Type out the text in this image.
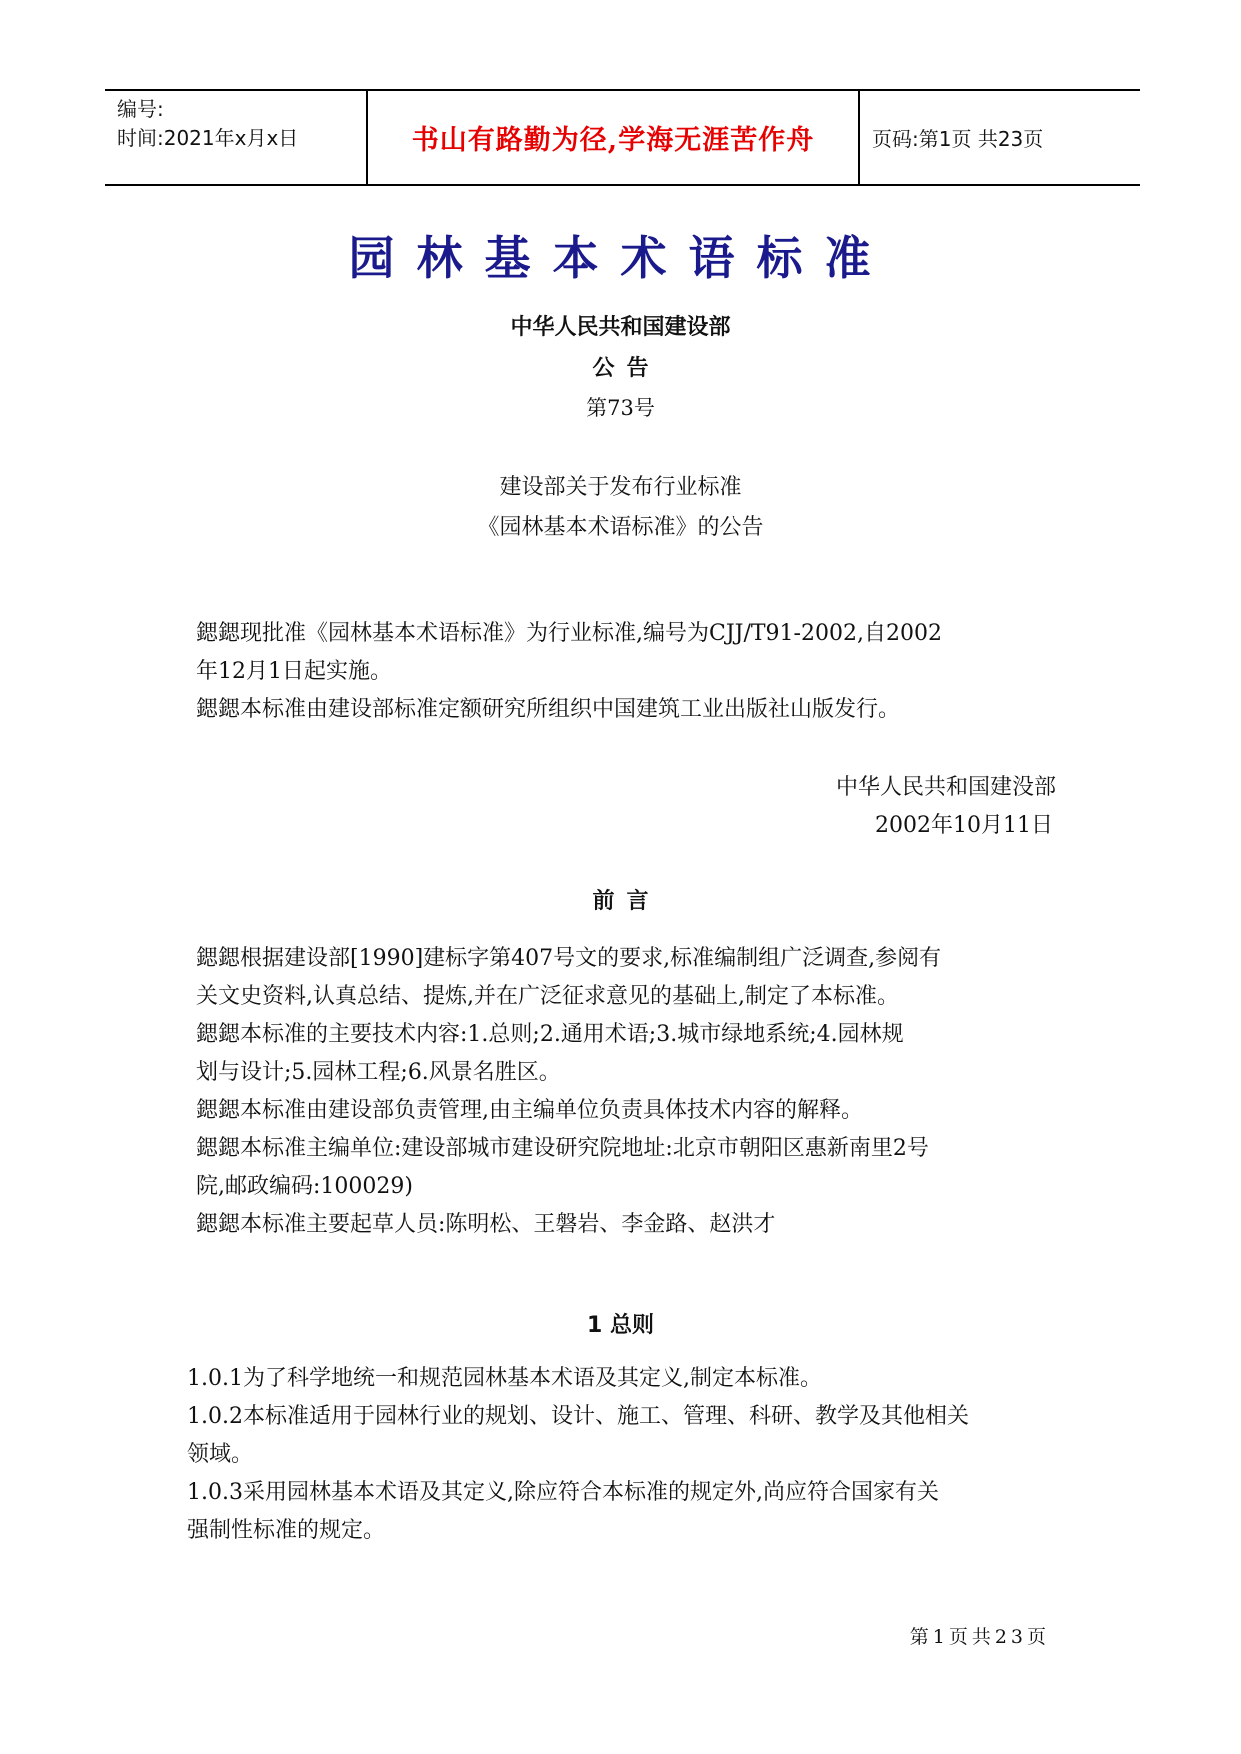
编号:
时间:2021年x月x日	书山有路勤为径,学海无涯苦作舟	页码:第1页 共23页
园林基本术语标准
中华人民共和国建设部
公告
第73号
建设部关于发布行业标准
《园林基本术语标准》的公告
鍶鍶现批准《园林基本术语标准》为行业标准,编号为CJJ/T91-2002,自2002
年12月1日起实施。
鍶鍶本标准由建设部标准定额研究所组织中国建筑工业出版社山版发行。
中华人民共和国建没部
2002年10月11日
前言
鍶鍶根据建设部[1990]建标字第407号文的要求,标准编制组广泛调查,参阅有
关文史资料,认真总结、提炼,并在广泛征求意见的基础上,制定了本标准。
鍶鍶本标准的主要技术内容:1.总则;2.通用术语;3.城市绿地系统;4.园林规
划与设计;5.园林工程;6.风景名胜区。
鍶鍶本标准由建设部负责管理,由主编单位负责具体技术内容的解释。
鍶鍶本标准主编单位:建设部城市建设研究院地址:北京市朝阳区惠新南里2号
院,邮政编码:100029)
鍶鍶本标准主要起草人员:陈明松、王磐岩、李金路、赵洪才
1 总则
1.0.1为了科学地统一和规范园林基本术语及其定义,制定本标准。
1.0.2本标准适用于园林行业的规划、设计、施工、管理、科研、教学及其他相关
领域。
1.0.3采用园林基本术语及其定义,除应符合本标准的规定外,尚应符合国家有关
强制性标准的规定。
第1页共23页
